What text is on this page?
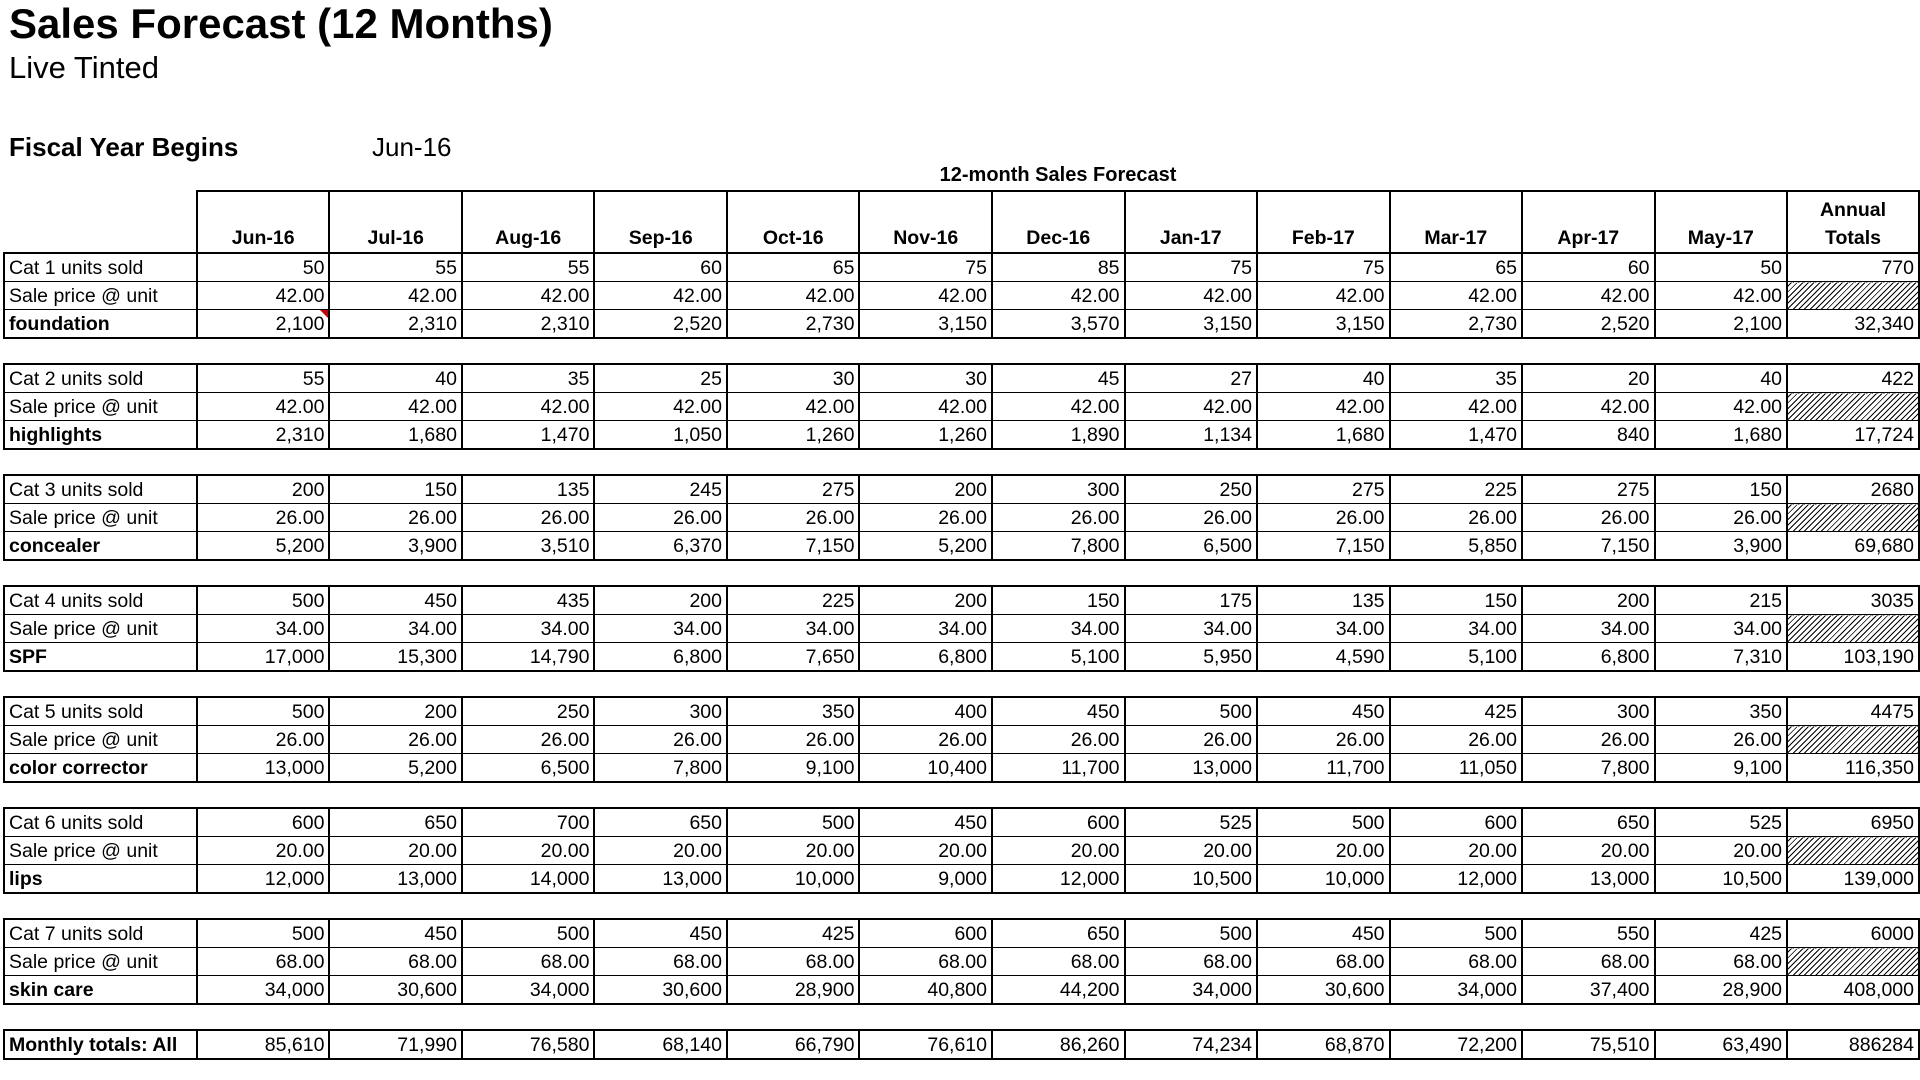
Sales Forecast (12 Months)
Live Tinted
Fiscal Year Begins	Jun-16
12-month Sales Forecast
	Jun-16	Jul-16	Aug-16	Sep-16	Oct-16	Nov-16	Dec-16	Jan-17	Feb-17	Mar-17	Apr-17	May-17	Annual
Totals
Cat 1 units sold	50	55	55	60	65	75	85	75	75	65	60	50	770
Sale price @ unit	42.00	42.00	42.00	42.00	42.00	42.00	42.00	42.00	42.00	42.00	42.00	42.00	
foundation	2,100	2,310	2,310	2,520	2,730	3,150	3,570	3,150	3,150	2,730	2,520	2,100	32,340

Cat 2 units sold	55	40	35	25	30	30	45	27	40	35	20	40	422
Sale price @ unit	42.00	42.00	42.00	42.00	42.00	42.00	42.00	42.00	42.00	42.00	42.00	42.00	
highlights	2,310	1,680	1,470	1,050	1,260	1,260	1,890	1,134	1,680	1,470	840	1,680	17,724

Cat 3 units sold	200	150	135	245	275	200	300	250	275	225	275	150	2680
Sale price @ unit	26.00	26.00	26.00	26.00	26.00	26.00	26.00	26.00	26.00	26.00	26.00	26.00	
concealer	5,200	3,900	3,510	6,370	7,150	5,200	7,800	6,500	7,150	5,850	7,150	3,900	69,680

Cat 4 units sold	500	450	435	200	225	200	150	175	135	150	200	215	3035
Sale price @ unit	34.00	34.00	34.00	34.00	34.00	34.00	34.00	34.00	34.00	34.00	34.00	34.00	
SPF	17,000	15,300	14,790	6,800	7,650	6,800	5,100	5,950	4,590	5,100	6,800	7,310	103,190

Cat 5 units sold	500	200	250	300	350	400	450	500	450	425	300	350	4475
Sale price @ unit	26.00	26.00	26.00	26.00	26.00	26.00	26.00	26.00	26.00	26.00	26.00	26.00	
color corrector	13,000	5,200	6,500	7,800	9,100	10,400	11,700	13,000	11,700	11,050	7,800	9,100	116,350

Cat 6 units sold	600	650	700	650	500	450	600	525	500	600	650	525	6950
Sale price @ unit	20.00	20.00	20.00	20.00	20.00	20.00	20.00	20.00	20.00	20.00	20.00	20.00	
lips	12,000	13,000	14,000	13,000	10,000	9,000	12,000	10,500	10,000	12,000	13,000	10,500	139,000

Cat 7 units sold	500	450	500	450	425	600	650	500	450	500	550	425	6000
Sale price @ unit	68.00	68.00	68.00	68.00	68.00	68.00	68.00	68.00	68.00	68.00	68.00	68.00	
skin care	34,000	30,600	34,000	30,600	28,900	40,800	44,200	34,000	30,600	34,000	37,400	28,900	408,000

Monthly totals: All	85,610	71,990	76,580	68,140	66,790	76,610	86,260	74,234	68,870	72,200	75,510	63,490	886284
